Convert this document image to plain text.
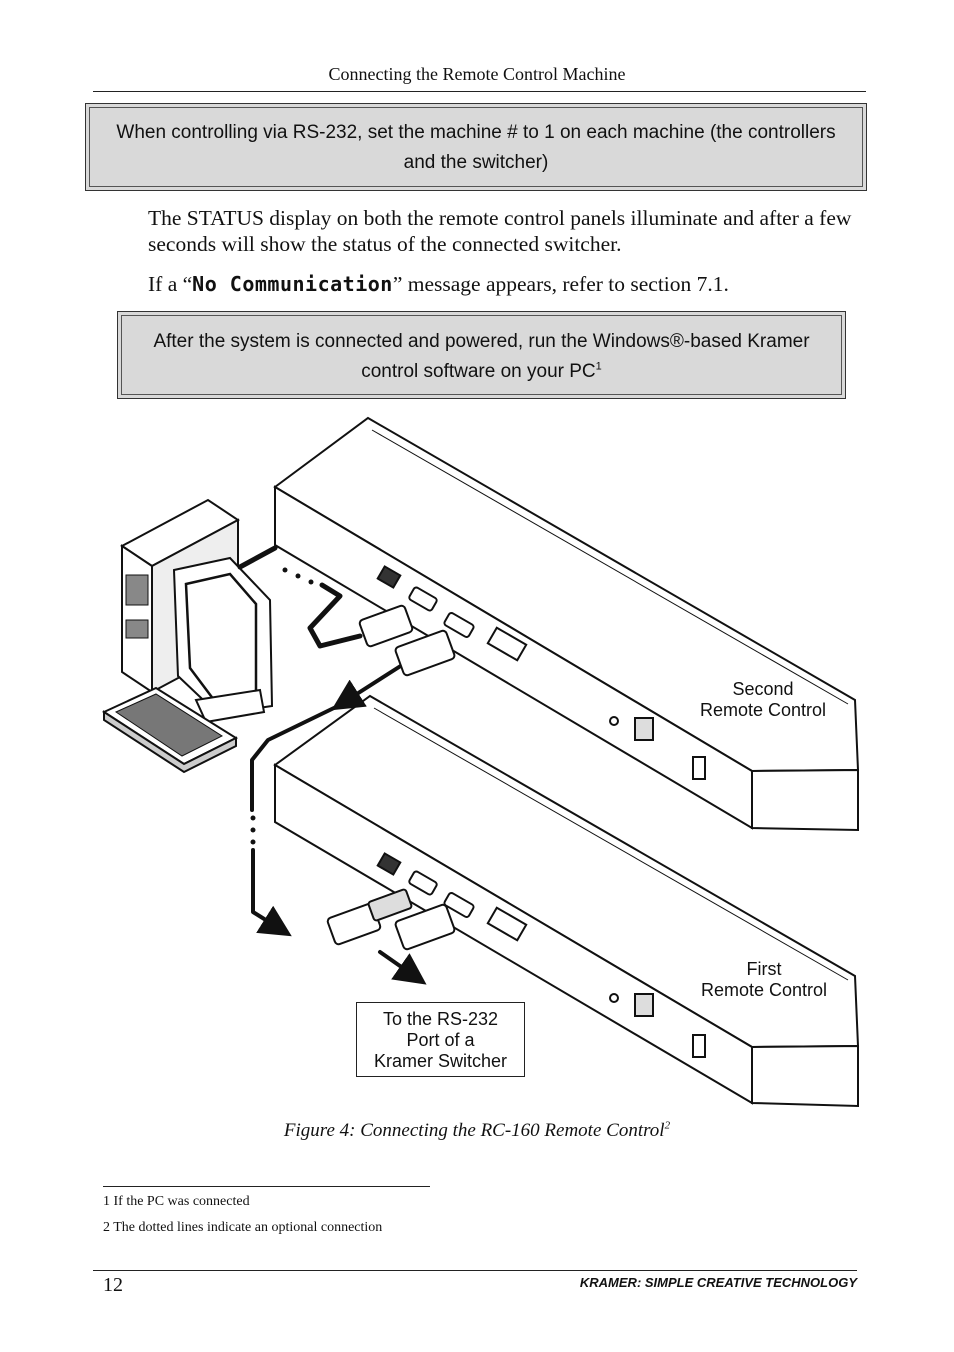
Connecting the Remote Control Machine
When controlling via RS-232, set the machine # to 1 on each machine (the controllers and the switcher)
The STATUS display on both the remote control panels illuminate and after a few seconds will show the status of the connected switcher.
If a “No Communication” message appears, refer to section 7.1.
After the system is connected and powered, run the Windows®-based Kramer control software on your $PC^1$
Second
Remote Control
First
Remote Control
To the RS-232
Port of a
Kramer Switcher
Figure 4: Connecting the RC-160 Remote Control$^2$
1 If the PC was connected
2 The dotted lines indicate an optional connection
12	KRAMER: SIMPLE CREATIVE TECHNOLOGY
